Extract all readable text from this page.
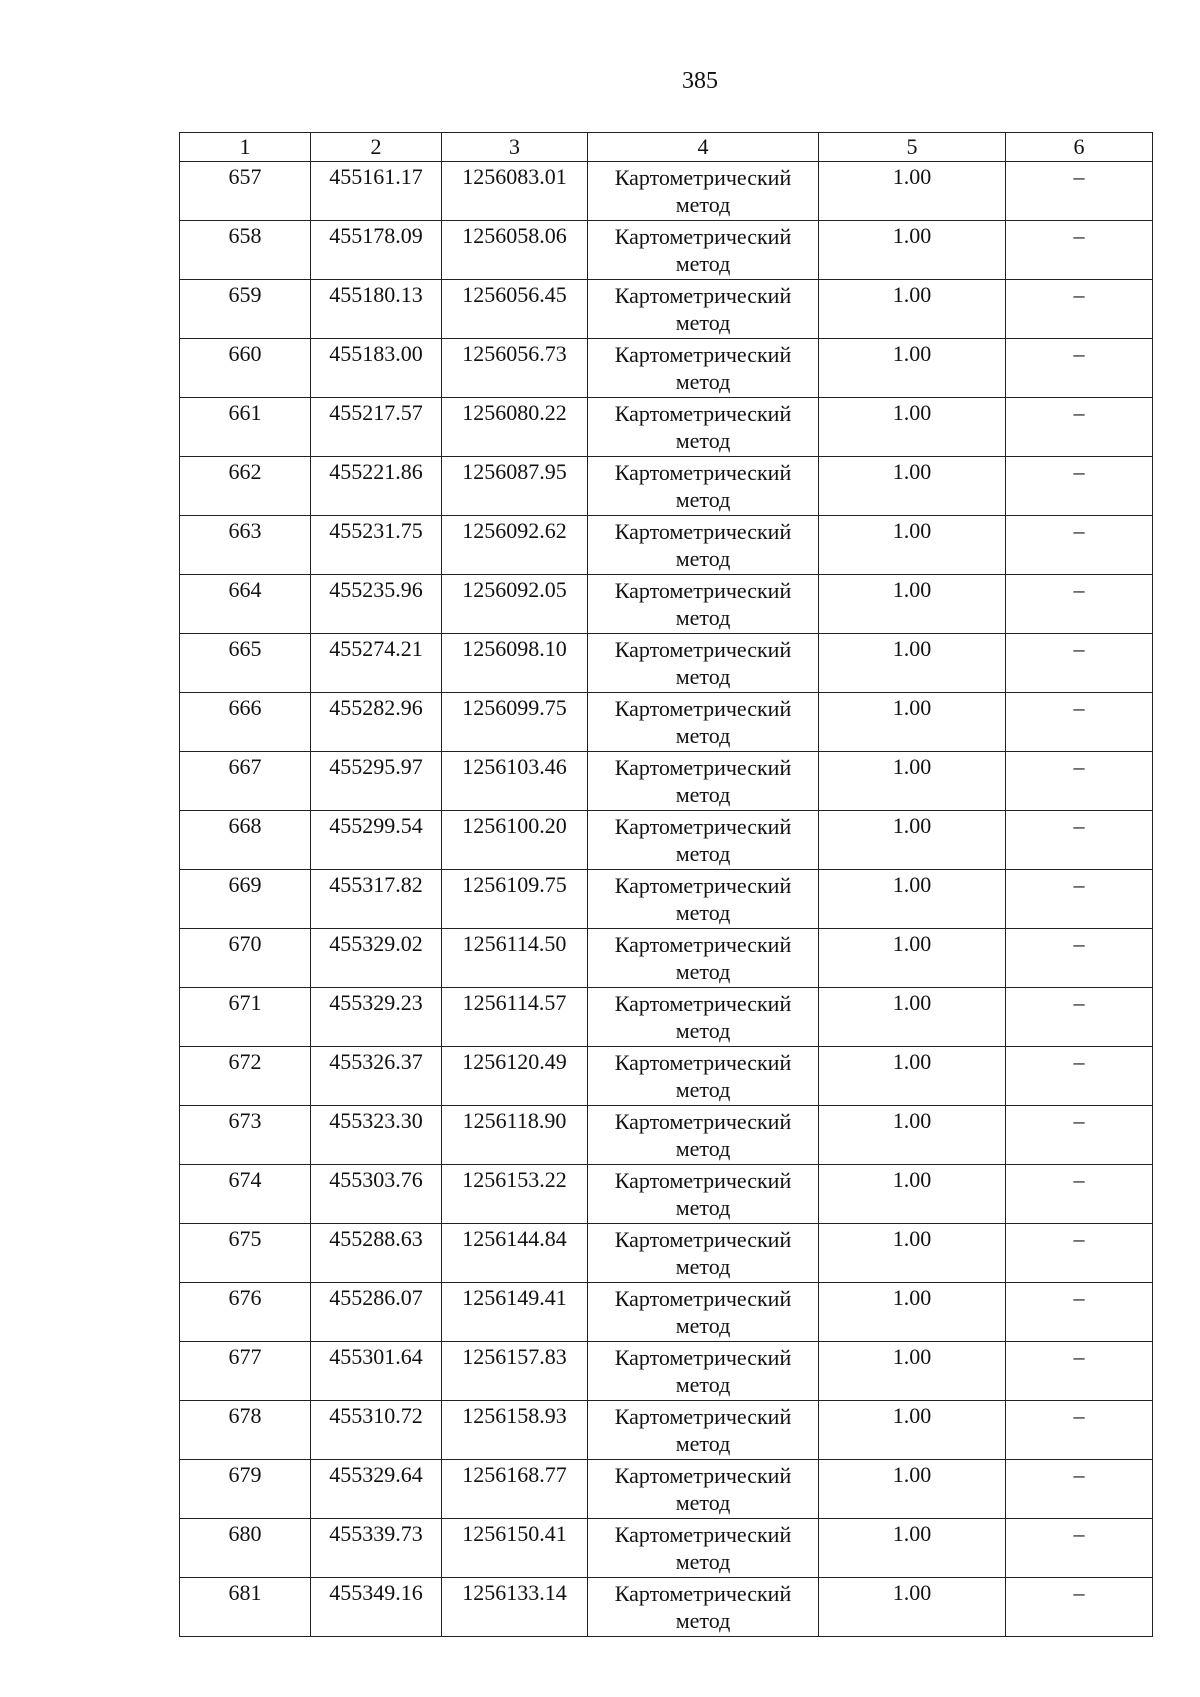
385
1	2	3	4	5	6
657	455161.17	1256083.01	Картометрический метод	1.00	–
658	455178.09	1256058.06	Картометрический метод	1.00	–
659	455180.13	1256056.45	Картометрический метод	1.00	–
660	455183.00	1256056.73	Картометрический метод	1.00	–
661	455217.57	1256080.22	Картометрический метод	1.00	–
662	455221.86	1256087.95	Картометрический метод	1.00	–
663	455231.75	1256092.62	Картометрический метод	1.00	–
664	455235.96	1256092.05	Картометрический метод	1.00	–
665	455274.21	1256098.10	Картометрический метод	1.00	–
666	455282.96	1256099.75	Картометрический метод	1.00	–
667	455295.97	1256103.46	Картометрический метод	1.00	–
668	455299.54	1256100.20	Картометрический метод	1.00	–
669	455317.82	1256109.75	Картометрический метод	1.00	–
670	455329.02	1256114.50	Картометрический метод	1.00	–
671	455329.23	1256114.57	Картометрический метод	1.00	–
672	455326.37	1256120.49	Картометрический метод	1.00	–
673	455323.30	1256118.90	Картометрический метод	1.00	–
674	455303.76	1256153.22	Картометрический метод	1.00	–
675	455288.63	1256144.84	Картометрический метод	1.00	–
676	455286.07	1256149.41	Картометрический метод	1.00	–
677	455301.64	1256157.83	Картометрический метод	1.00	–
678	455310.72	1256158.93	Картометрический метод	1.00	–
679	455329.64	1256168.77	Картометрический метод	1.00	–
680	455339.73	1256150.41	Картометрический метод	1.00	–
681	455349.16	1256133.14	Картометрический метод	1.00	–
